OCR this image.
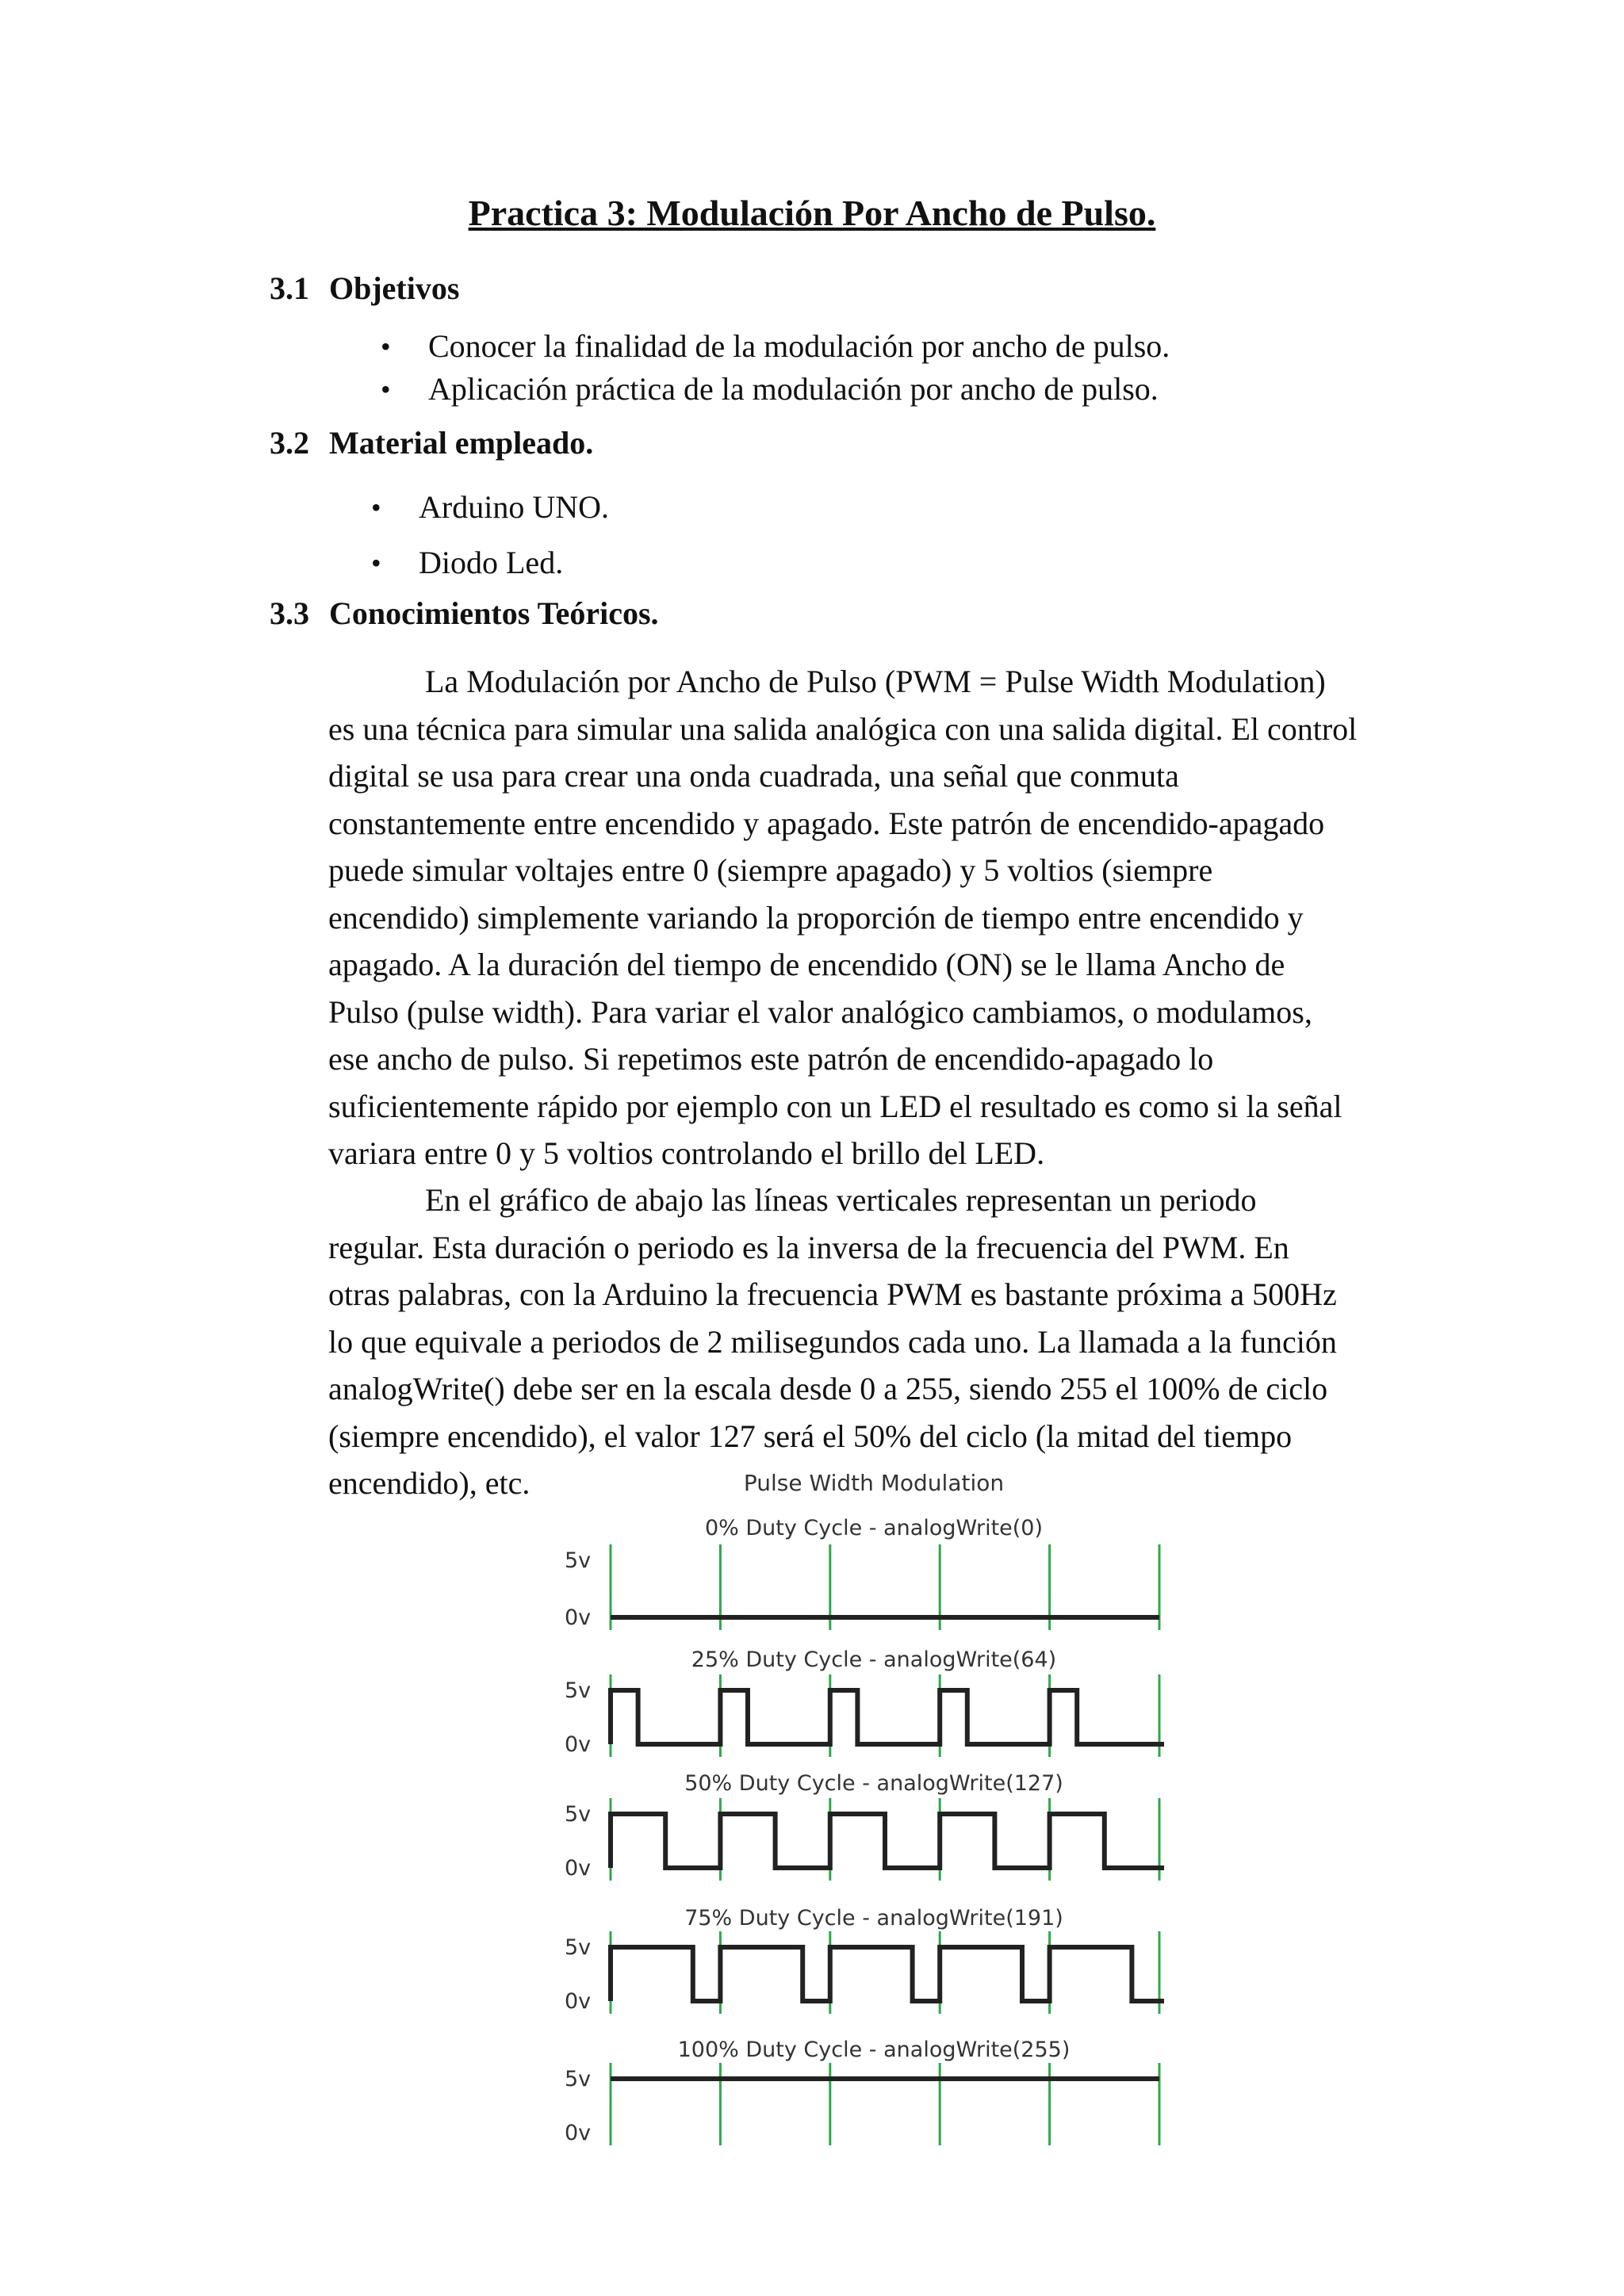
Practica 3: Modulación Por Ancho de Pulso.
3.1 Objetivos
• Conocer la finalidad de la modulación por ancho de pulso.
• Aplicación práctica de la modulación por ancho de pulso.
3.2 Material empleado.
• Arduino UNO.
• Diodo Led.
3.3 Conocimientos Teóricos.

La Modulación por Ancho de Pulso (PWM = Pulse Width Modulation)
es una técnica para simular una salida analógica con una salida digital. El control
digital se usa para crear una onda cuadrada, una señal que conmuta
constantemente entre encendido y apagado. Este patrón de encendido-apagado
puede simular voltajes entre 0 (siempre apagado) y 5 voltios (siempre
encendido) simplemente variando la proporción de tiempo entre encendido y
apagado. A la duración del tiempo de encendido (ON) se le llama Ancho de
Pulso (pulse width). Para variar el valor analógico cambiamos, o modulamos,
ese ancho de pulso. Si repetimos este patrón de encendido-apagado lo
suficientemente rápido por ejemplo con un LED el resultado es como si la señal
variara entre 0 y 5 voltios controlando el brillo del LED.

En el gráfico de abajo las líneas verticales representan un periodo
regular. Esta duración o periodo es la inversa de la frecuencia del PWM. En
otras palabras, con la Arduino la frecuencia PWM es bastante próxima a 500Hz
lo que equivale a periodos de 2 milisegundos cada uno. La llamada a la función
analogWrite() debe ser en la escala desde 0 a 255, siendo 255 el 100% de ciclo
(siempre encendido), el valor 127 será el 50% del ciclo (la mitad del tiempo
encendido), etc.	Pulse Width Modulation
0% Duty Cycle - analogWrite(0)
5v
0v
25% Duty Cycle - analogWrite(64)
5v
0v
50% Duty Cycle - analogWrite(127)
5v
0v
75% Duty Cycle - analogWrite(191)
5v
0v
100% Duty Cycle - analogWrite(255)
5v
0v
